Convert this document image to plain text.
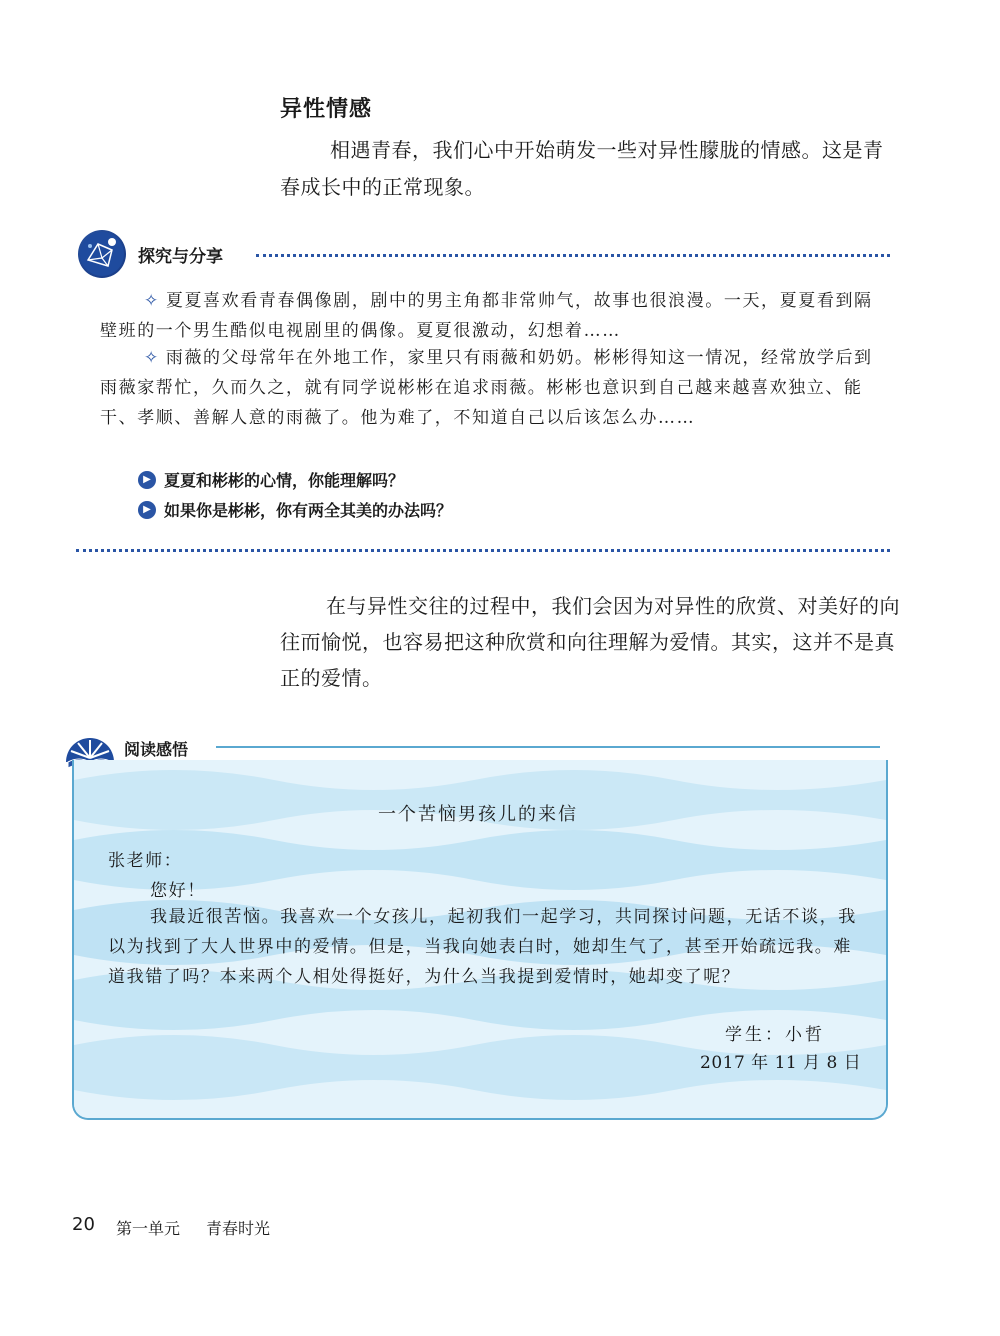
异性情感
相遇青春，我们心中开始萌发一些对异性朦胧的情感。这是青春成长中的正常现象。
探究与分享
✧ 夏夏喜欢看青春偶像剧，剧中的男主角都非常帅气，故事也很浪漫。一天，夏夏看到隔壁班的一个男生酷似电视剧里的偶像。夏夏很激动，幻想着……
✧ 雨薇的父母常年在外地工作，家里只有雨薇和奶奶。彬彬得知这一情况，经常放学后到雨薇家帮忙，久而久之，就有同学说彬彬在追求雨薇。彬彬也意识到自己越来越喜欢独立、能干、孝顺、善解人意的雨薇了。他为难了，不知道自己以后该怎么办……
▶ 夏夏和彬彬的心情，你能理解吗？
▶ 如果你是彬彬，你有两全其美的办法吗？
在与异性交往的过程中，我们会因为对异性的欣赏、对美好的向往而愉悦，也容易把这种欣赏和向往理解为爱情。其实，这并不是真正的爱情。
阅读感悟
一个苦恼男孩儿的来信
张老师：
您好！
我最近很苦恼。我喜欢一个女孩儿，起初我们一起学习，共同探讨问题，无话不谈，我以为找到了大人世界中的爱情。但是，当我向她表白时，她却生气了，甚至开始疏远我。难道我错了吗？本来两个人相处得挺好，为什么当我提到爱情时，她却变了呢？
学生：小哲
2017 年 11 月 8 日
20 第一单元 青春时光
